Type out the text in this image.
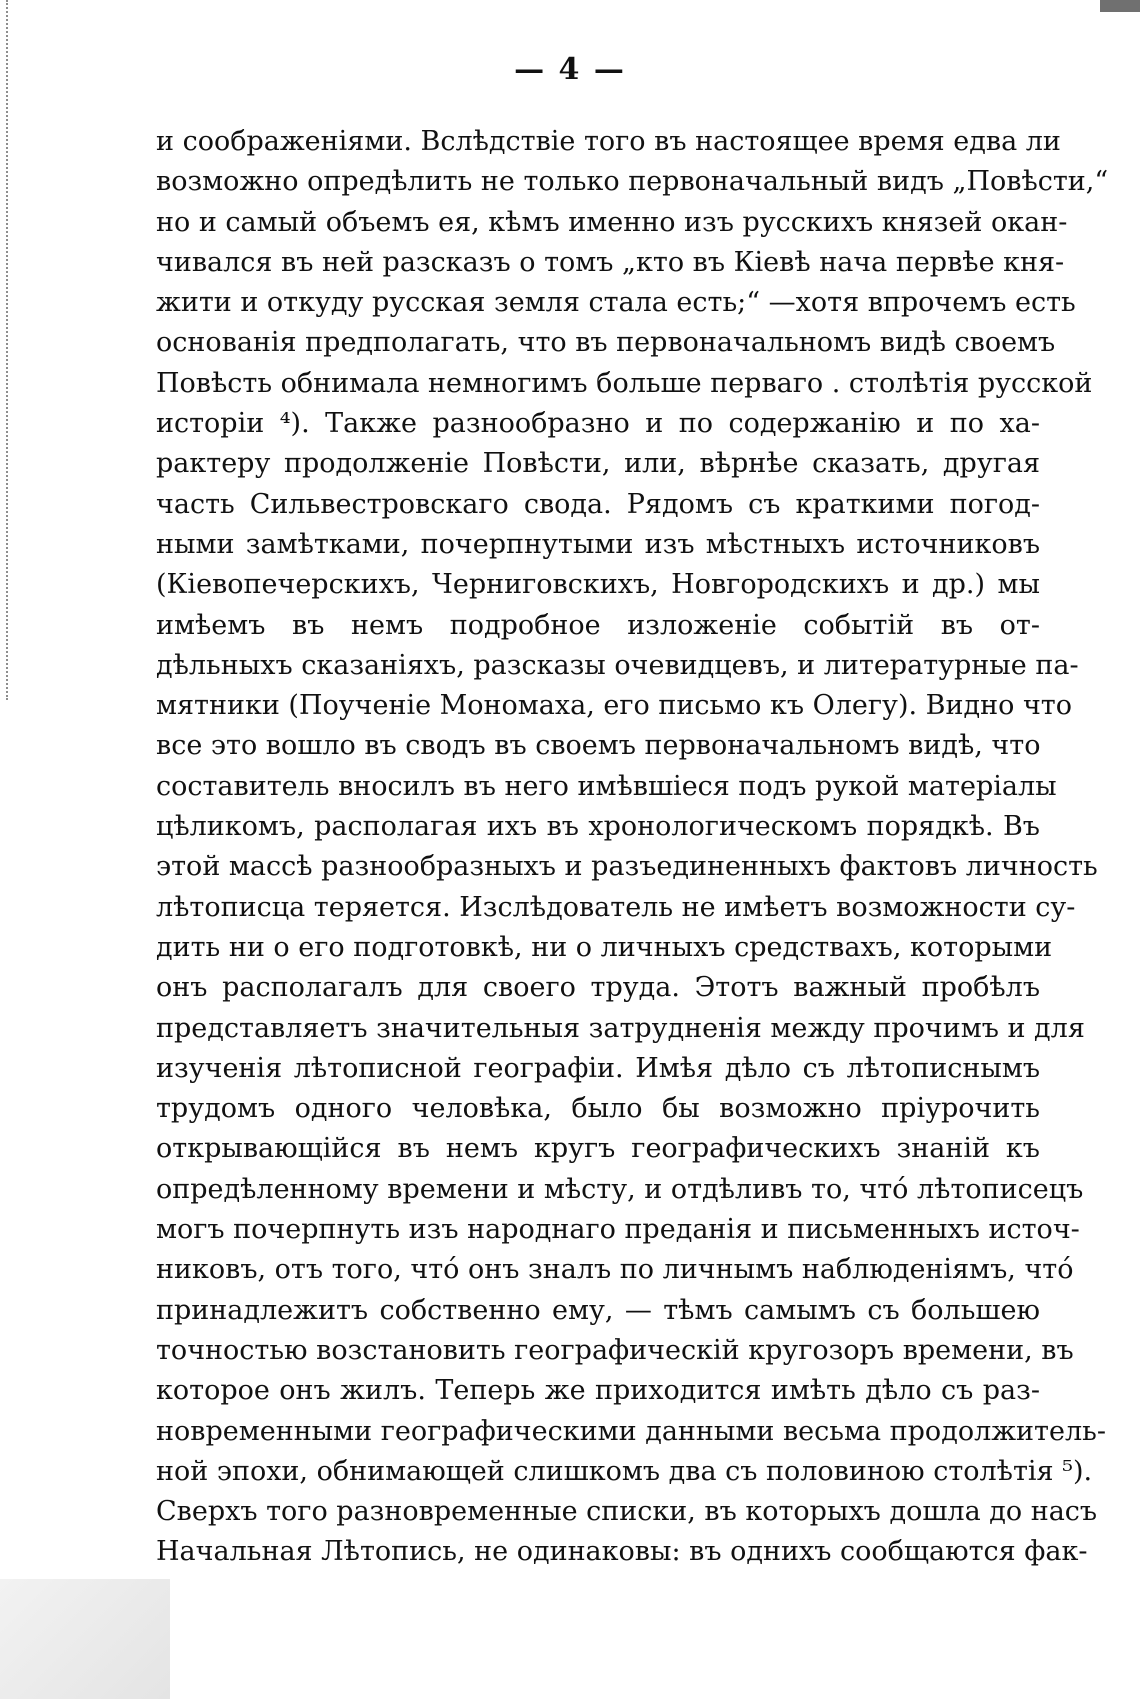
— 4 —
и соображеніями. Вслѣдствіе того въ настоящее время едва ли
возможно опредѣлить не только первоначальный видъ „Повѣсти,“
но и самый объемъ ея, кѣмъ именно изъ русскихъ князей окан-
чивался въ ней разсказъ о томъ „кто въ Кіевѣ нача первѣе кня-
жити и откуду русская земля стала есть;“ —хотя впрочемъ есть
основанія предполагать, что въ первоначальномъ видѣ своемъ
Повѣсть обнимала немногимъ больше перваго . столѣтія русской
исторіи ⁴). Также разнообразно и по содержанію и по ха-
рактеру продолженіе Повѣсти, или, вѣрнѣе сказать, другая
часть Сильвестровскаго свода. Рядомъ съ краткими погод-
ными замѣтками, почерпнутыми изъ мѣстныхъ источниковъ
(Кіевопечерскихъ, Черниговскихъ, Новгородскихъ и др.) мы
имѣемъ въ немъ подробное изложеніе событій въ от-
дѣльныхъ сказаніяхъ, разсказы очевидцевъ, и литературные па-
мятники (Поученіе Мономаха, его письмо къ Олегу). Видно что
все это вошло въ сводъ въ своемъ первоначальномъ видѣ, что
составитель вносилъ въ него имѣвшіеся подъ рукой матеріалы
цѣликомъ, располагая ихъ въ хронологическомъ порядкѣ. Въ
этой массѣ разнообразныхъ и разъединенныхъ фактовъ личность
лѣтописца теряется. Изслѣдователь не имѣетъ возможности су-
дить ни о его подготовкѣ, ни о личныхъ средствахъ, которыми
онъ располагалъ для своего труда. Этотъ важный пробѣлъ
представляетъ значительныя затрудненія между прочимъ и для
изученія лѣтописной географіи. Имѣя дѣло съ лѣтописнымъ
трудомъ одного человѣка, было бы возможно пріурочить
открывающійся въ немъ кругъ географическихъ знаній къ
опредѣленному времени и мѣсту, и отдѣливъ то, что́ лѣтописецъ
могъ почерпнуть изъ народнаго преданія и письменныхъ источ-
никовъ, отъ того, что́ онъ зналъ по личнымъ наблюденіямъ, что́
принадлежитъ собственно ему, — тѣмъ самымъ съ большею
точностью возстановить географическій кругозоръ времени, въ
которое онъ жилъ. Теперь же приходится имѣть дѣло съ раз-
новременными географическими данными весьма продолжитель-
ной эпохи, обнимающей слишкомъ два съ половиною столѣтія ⁵).
Сверхъ того разновременные списки, въ которыхъ дошла до насъ
Начальная Лѣтопись, не одинаковы: въ однихъ сообщаются фак-
